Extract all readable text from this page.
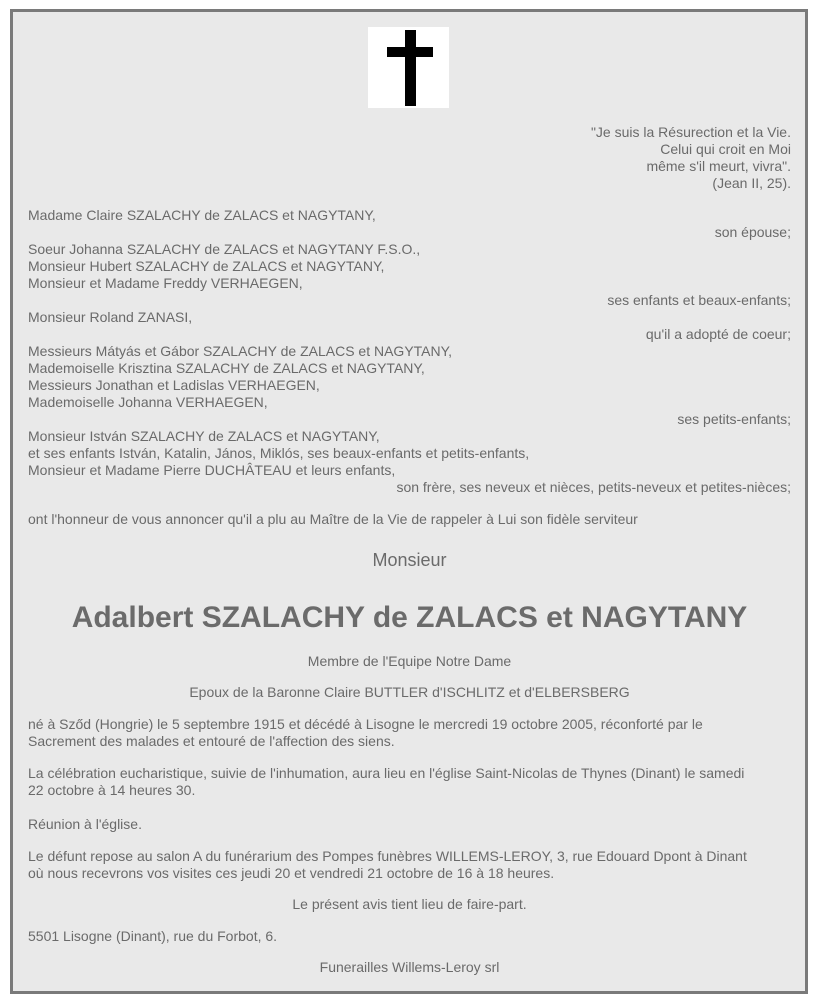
"Je suis la Résurection et la Vie.
Celui qui croit en Moi
même s'il meurt, vivra".
(Jean II, 25).
Madame Claire SZALACHY de ZALACS et NAGYTANY,
son épouse;
Soeur Johanna SZALACHY de ZALACS et NAGYTANY F.S.O.,
Monsieur Hubert SZALACHY de ZALACS et NAGYTANY,
Monsieur et Madame Freddy VERHAEGEN,
ses enfants et beaux-enfants;
Monsieur Roland ZANASI,
qu'il a adopté de coeur;
Messieurs Mátyás et Gábor SZALACHY de ZALACS et NAGYTANY,
Mademoiselle Krisztina SZALACHY de ZALACS et NAGYTANY,
Messieurs Jonathan et Ladislas VERHAEGEN,
Mademoiselle Johanna VERHAEGEN,
ses petits-enfants;
Monsieur István SZALACHY de ZALACS et NAGYTANY,
et ses enfants István, Katalin, János, Miklós, ses beaux-enfants et petits-enfants,
Monsieur et Madame Pierre DUCHÂTEAU et leurs enfants,
son frère, ses neveux et nièces, petits-neveux et petites-nièces;
ont l'honneur de vous annoncer qu'il a plu au Maître de la Vie de rappeler à Lui son fidèle serviteur
Monsieur
Adalbert SZALACHY de ZALACS et NAGYTANY
Membre de l'Equipe Notre Dame
Epoux de la Baronne Claire BUTTLER d'ISCHLITZ et d'ELBERSBERG
né à Sződ (Hongrie) le 5 septembre 1915 et décédé à Lisogne le mercredi 19 octobre 2005, réconforté par le
Sacrement des malades et entouré de l'affection des siens.
La célébration eucharistique, suivie de l'inhumation, aura lieu en l'église Saint-Nicolas de Thynes (Dinant) le samedi
22 octobre à 14 heures 30.
Réunion à l'église.
Le défunt repose au salon A du funérarium des Pompes funèbres WILLEMS-LEROY, 3, rue Edouard Dpont à Dinant
où nous recevrons vos visites ces jeudi 20 et vendredi 21 octobre de 16 à 18 heures.
Le présent avis tient lieu de faire-part.
5501 Lisogne (Dinant), rue du Forbot, 6.
Funerailles Willems-Leroy srl
